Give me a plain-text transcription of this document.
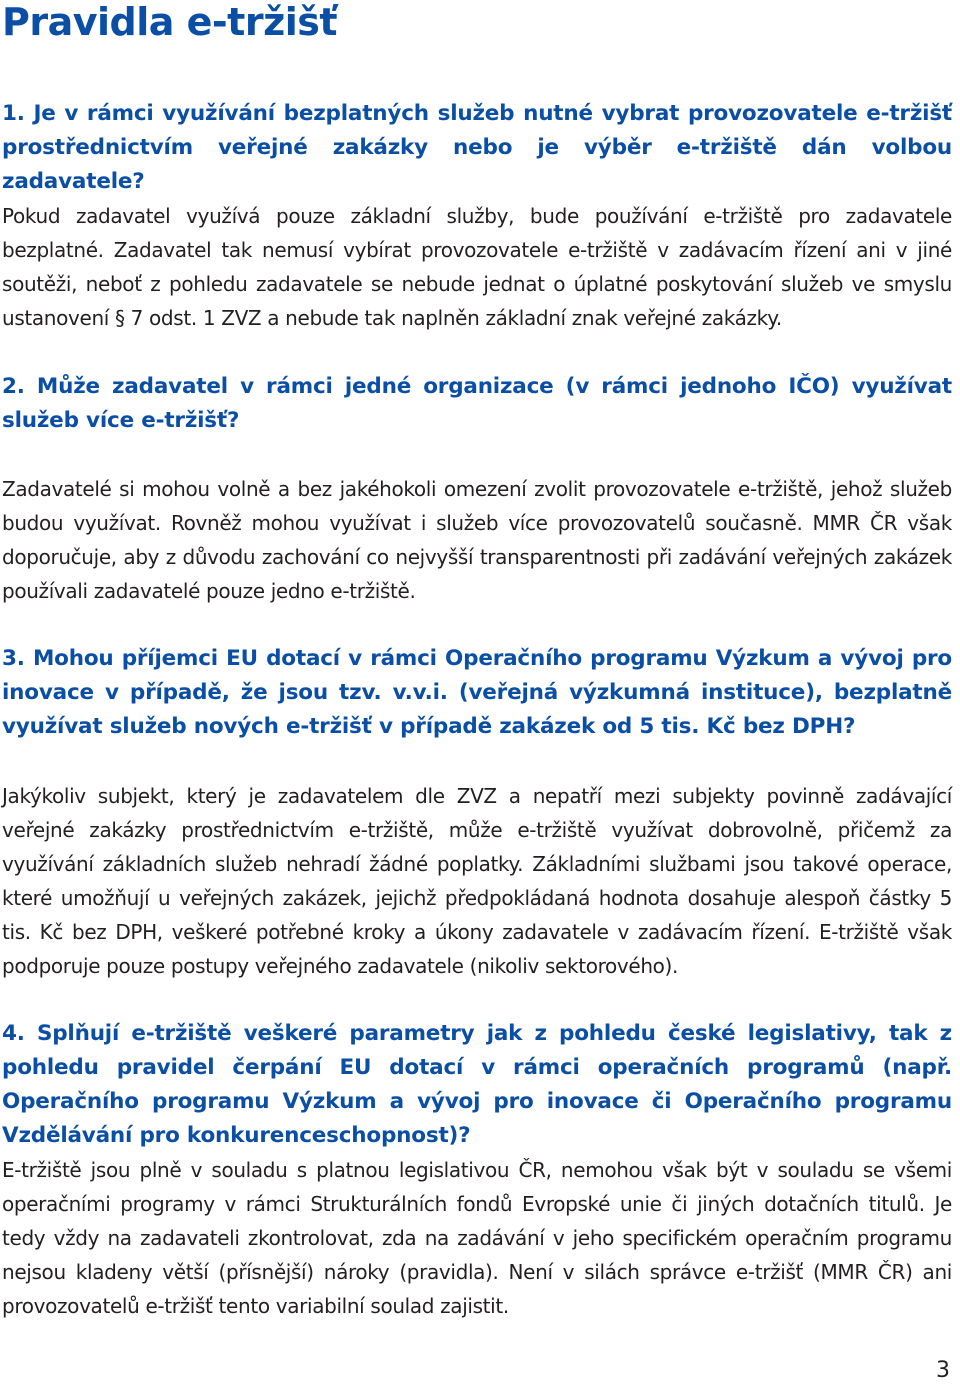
Pravidla e-tržišť

1. Je v rámci využívání bezplatných služeb nutné vybrat provozovatele e-tržišť prostřednictvím veřejné zakázky nebo je výběr e-tržiště dán volbou zadavatele?

Pokud zadavatel využívá pouze základní služby, bude používání e-tržiště pro zadavatele bezplatné. Zadavatel tak nemusí vybírat provozovatele e-tržiště v zadávacím řízení ani v jiné soutěži, neboť z pohledu zadavatele se nebude jednat o úplatné poskytování služeb ve smyslu ustanovení § 7 odst. 1 ZVZ a nebude tak naplněn základní znak veřejné zakázky.

2. Může zadavatel v rámci jedné organizace (v rámci jednoho IČO) využívat služeb více e-tržišť?

Zadavatelé si mohou volně a bez jakéhokoli omezení zvolit provozovatele e-tržiště, jehož služeb budou využívat. Rovněž mohou využívat i služeb více provozovatelů současně. MMR ČR však doporučuje, aby z důvodu zachování co nejvyšší transparentnosti při zadávání veřejných zakázek používali zadavatelé pouze jedno e-tržiště.

3. Mohou příjemci EU dotací v rámci Operačního programu Výzkum a vývoj pro inovace v případě, že jsou tzv. v.v.i. (veřejná výzkumná instituce), bezplatně využívat služeb nových e-tržišť v případě zakázek od 5 tis. Kč bez DPH?

Jakýkoliv subjekt, který je zadavatelem dle ZVZ a nepatří mezi subjekty povinně zadávající veřejné zakázky prostřednictvím e-tržiště, může e-tržiště využívat dobrovolně, přičemž za využívání základních služeb nehradí žádné poplatky. Základními službami jsou takové operace, které umožňují u veřejných zakázek, jejichž předpokládaná hodnota dosahuje alespoň částky 5 tis. Kč bez DPH, veškeré potřebné kroky a úkony zadavatele v zadávacím řízení. E-tržiště však podporuje pouze postupy veřejného zadavatele (nikoliv sektorového).

4. Splňují e-tržiště veškeré parametry jak z pohledu české legislativy, tak z pohledu pravidel čerpání EU dotací v rámci operačních programů (např. Operačního programu Výzkum a vývoj pro inovace či Operačního programu Vzdělávání pro konkurenceschopnost)?

E-tržiště jsou plně v souladu s platnou legislativou ČR, nemohou však být v souladu se všemi operačními programy v rámci Strukturálních fondů Evropské unie či jiných dotačních titulů. Je tedy vždy na zadavateli zkontrolovat, zda na zadávání v jeho specifickém operačním programu nejsou kladeny větší (přísnější) nároky (pravidla). Není v silách správce e-tržišť (MMR ČR) ani provozovatelů e-tržišť tento variabilní soulad zajistit.

3
